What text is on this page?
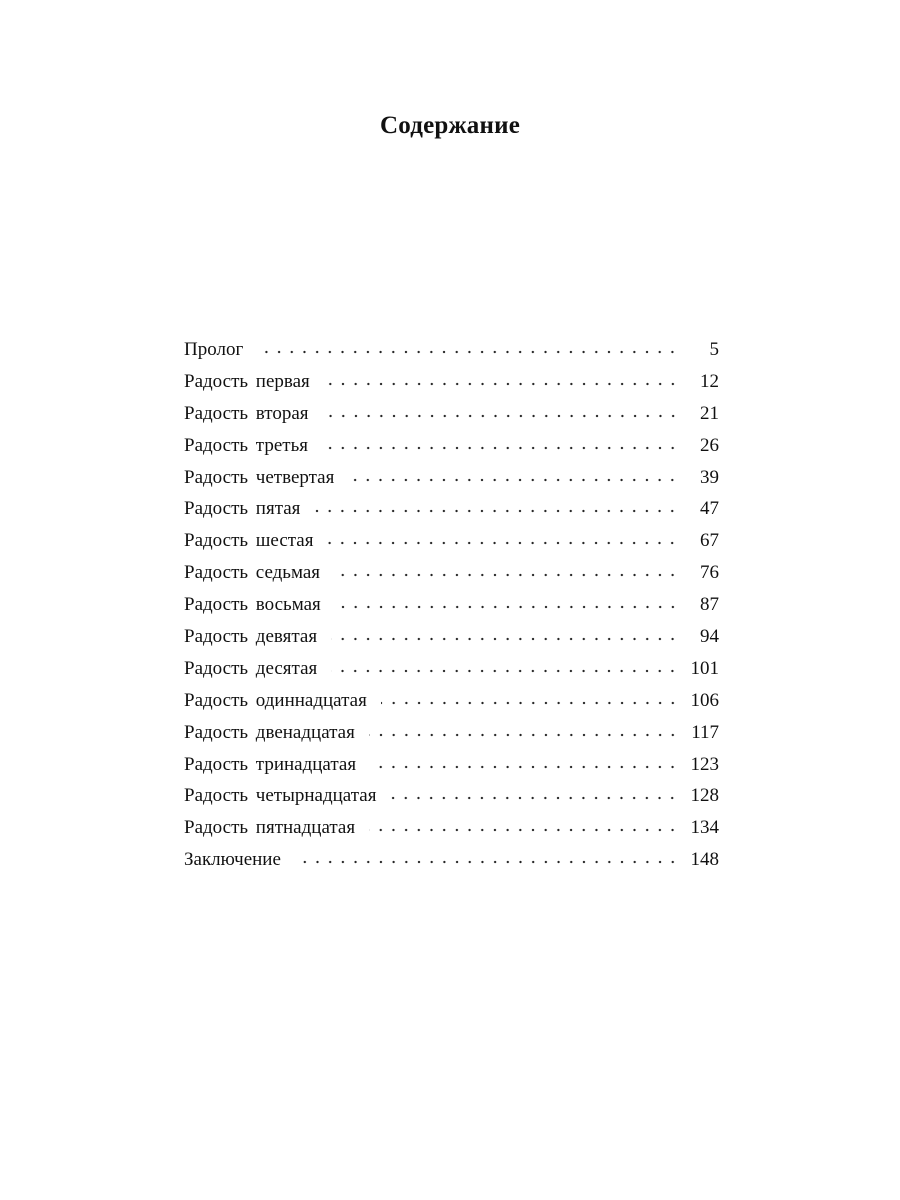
Содержание
Пролог	5
Радость первая	12
Радость вторая	21
Радость третья	26
Радость четвертая	39
Радость пятая	47
Радость шестая	67
Радость седьмая	76
Радость восьмая	87
Радость девятая	94
Радость десятая	101
Радость одиннадцатая	106
Радость двенадцатая	117
Радость тринадцатая	123
Радость четырнадцатая	128
Радость пятнадцатая	134
Заключение	148
